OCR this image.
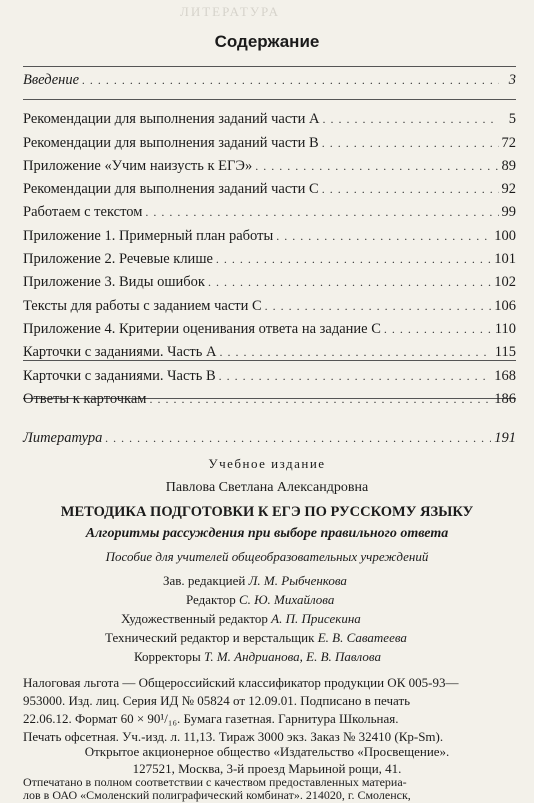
ЛИТЕРАТУРА
Содержание
Введение . . .	3
Рекомендации для выполнения заданий части А . . .	5
Рекомендации для выполнения заданий части В . . .	72
Приложение «Учим наизусть к ЕГЭ» . . .	89
Рекомендации для выполнения заданий части С . . .	92
Работаем с текстом . . .	99
Приложение 1. Примерный план работы . . .	100
Приложение 2. Речевые клише . . .	101
Приложение 3. Виды ошибок . . .	102
Тексты для работы с заданием части С . . .	106
Приложение 4. Критерии оценивания ответа на задание С . . .	110
Карточки с заданиями. Часть А . . .	115
Карточки с заданиями. Часть В . . .	168
Ответы к карточкам . . .	186
Литература . . .	191
Учебное издание
Павлова Светлана Александровна
МЕТОДИКА ПОДГОТОВКИ К ЕГЭ ПО РУССКОМУ ЯЗЫКУ
Алгоритмы рассуждения при выборе правильного ответа
Пособие для учителей общеобразовательных учреждений
Зав. редакцией Л. М. Рыбченкова
Редактор С. Ю. Михайлова
Художественный редактор А. П. Присекина
Технический редактор и верстальщик Е. В. Саватеева
Корректоры Т. М. Андрианова, Е. В. Павлова
Налоговая льгота — Общероссийский классификатор продукции ОК 005-93—
953000. Изд. лиц. Серия ИД № 05824 от 12.09.01. Подписано в печать
22.06.12. Формат 60 × 90¹/₁₆. Бумага газетная. Гарнитура Школьная.
Печать офсетная. Уч.-изд. л. 11,13. Тираж 3000 экз. Заказ № 32410 (Кр-Sm).
Открытое акционерное общество «Издательство «Просвещение».
127521, Москва, 3-й проезд Марьиной рощи, 41.
Отпечатано в полном соответствии с качеством предоставленных материа-
лов в ОАО «Смоленский полиграфический комбинат». 214020, г. Смоленск,
